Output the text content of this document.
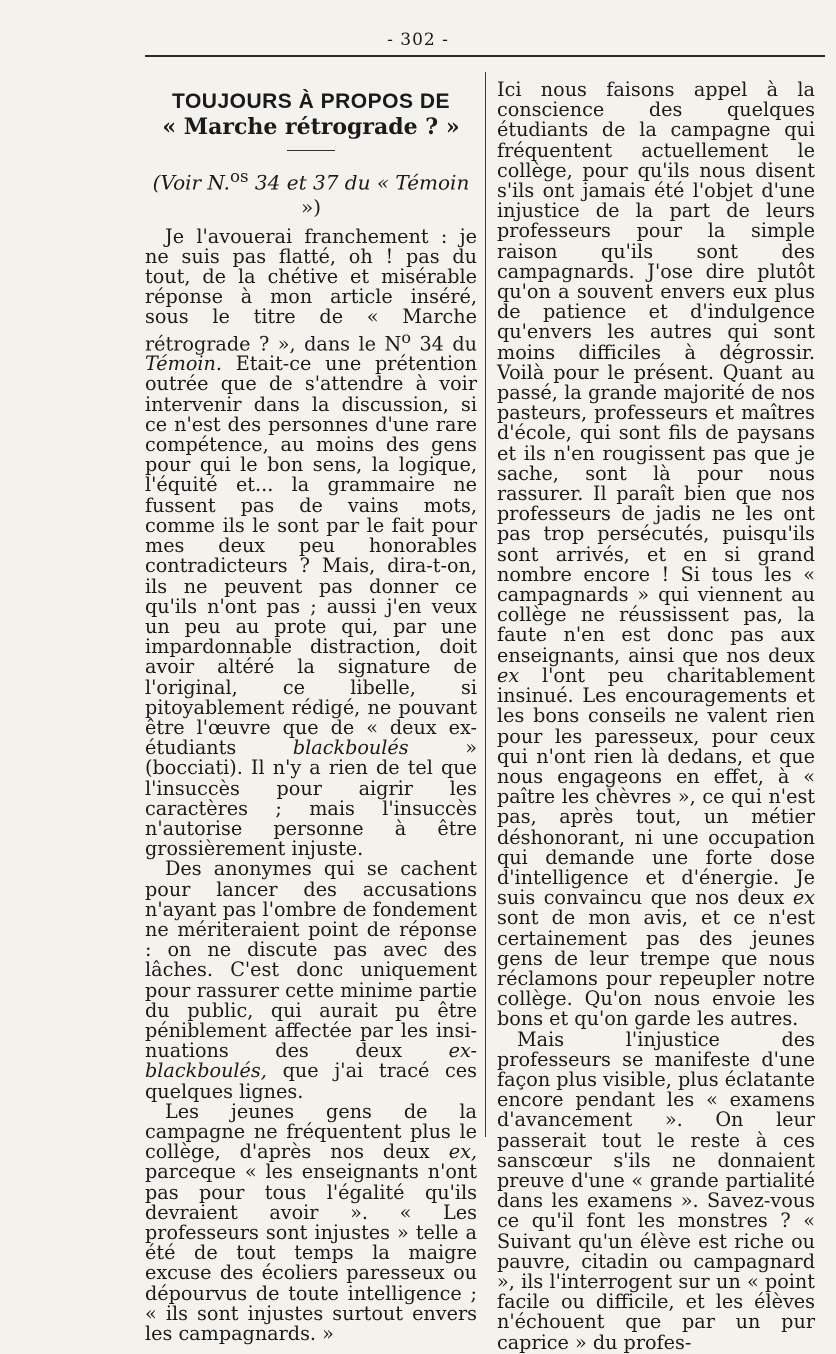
- 302 -
TOUJOURS À PROPOS DE
« Marche rétrograde ? »
(Voir N.$^{os}$ 34 et 37 du « Témoin »)

Je l'avouerai franchement : je ne suis pas flatté, oh ! pas du tout, de la chétive et misérable réponse à mon article inséré, sous le titre de « Marche rétrograde ? », dans le $N^o$ 34 du Témoin. Etait-ce une prétention outrée que de s'attendre à voir intervenir dans la discussion, si ce n'est des personnes d'une rare compétence, au moins des gens pour qui le bon sens, la logique, l'équité et... la grammaire ne fussent pas de vains mots, comme ils le sont par le fait pour mes deux peu honorables contradicteurs ? Mais, dira-t-on, ils ne peuvent pas donner ce qu'ils n'ont pas ; aussi j'en veux un peu au prote qui, par une impardonnable distraction, doit avoir altéré la signature de l'original, ce libelle, si pitoyablement rédigé, ne pouvant être l'œuvre que de « deux ex-étudiants blackboulés » (bocciati). Il n'y a rien de tel que l'insuccès pour aigrir les caractères ; mais l'insuccès n'autorise personne à être grossièrement injuste.

Des anonymes qui se cachent pour lancer des accusations n'ayant pas l'ombre de fondement ne mériteraient point de réponse : on ne discute pas avec des lâches. C'est donc uniquement pour rassurer cette minime partie du public, qui aurait pu être péniblement affectée par les insinuations des deux ex-blackboulés, que j'ai tracé ces quelques lignes.

Les jeunes gens de la campagne ne fréquentent plus le collège, d'après nos deux ex, parceque « les enseignants n'ont pas pour tous l'égalité qu'ils devraient avoir ». « Les professeurs sont injustes » telle a été de tout temps la maigre excuse des écoliers paresseux ou dépourvus de toute intelligence ; « ils sont injustes surtout envers les campagnards. »

Ici nous faisons appel à la conscience des quelques étudiants de la campagne qui fréquentent actuellement le collège, pour qu'ils nous disent s'ils ont jamais été l'objet d'une injustice de la part de leurs professeurs pour la simple raison qu'ils sont des campagnards. J'ose dire plutôt qu'on a souvent envers eux plus de patience et d'indulgence qu'envers les autres qui sont moins difficiles à dégrossir. Voilà pour le présent. Quant au passé, la grande majorité de nos pasteurs, professeurs et maîtres d'école, qui sont fils de paysans et ils n'en rougissent pas que je sache, sont là pour nous rassurer. Il paraît bien que nos professeurs de jadis ne les ont pas trop persécutés, puisqu'ils sont arrivés, et en si grand nombre encore ! Si tous les « campagnards » qui viennent au collège ne réussissent pas, la faute n'en est donc pas aux enseignants, ainsi que nos deux ex l'ont peu charitablement insinué. Les encouragements et les bons conseils ne valent rien pour les paresseux, pour ceux qui n'ont rien là dedans, et que nous engageons en effet, à « paître les chèvres », ce qui n'est pas, après tout, un métier déshonorant, ni une occupation qui demande une forte dose d'intelligence et d'énergie. Je suis convaincu que nos deux ex sont de mon avis, et ce n'est certainement pas des jeunes gens de leur trempe que nous réclamons pour repeupler notre collège. Qu'on nous envoie les bons et qu'on garde les autres.

Mais l'injustice des professeurs se manifeste d'une façon plus visible, plus éclatante encore pendant les « examens d'avancement ». On leur passerait tout le reste à ces sanscœur s'ils ne donnaient preuve d'une « grande partialité dans les examens ». Savez-vous ce qu'il font les monstres ? « Suivant qu'un élève est riche ou pauvre, citadin ou campagnard », ils l'interrogent sur un « point facile ou difficile, et les élèves n'échouent que par un pur caprice » du profes-
